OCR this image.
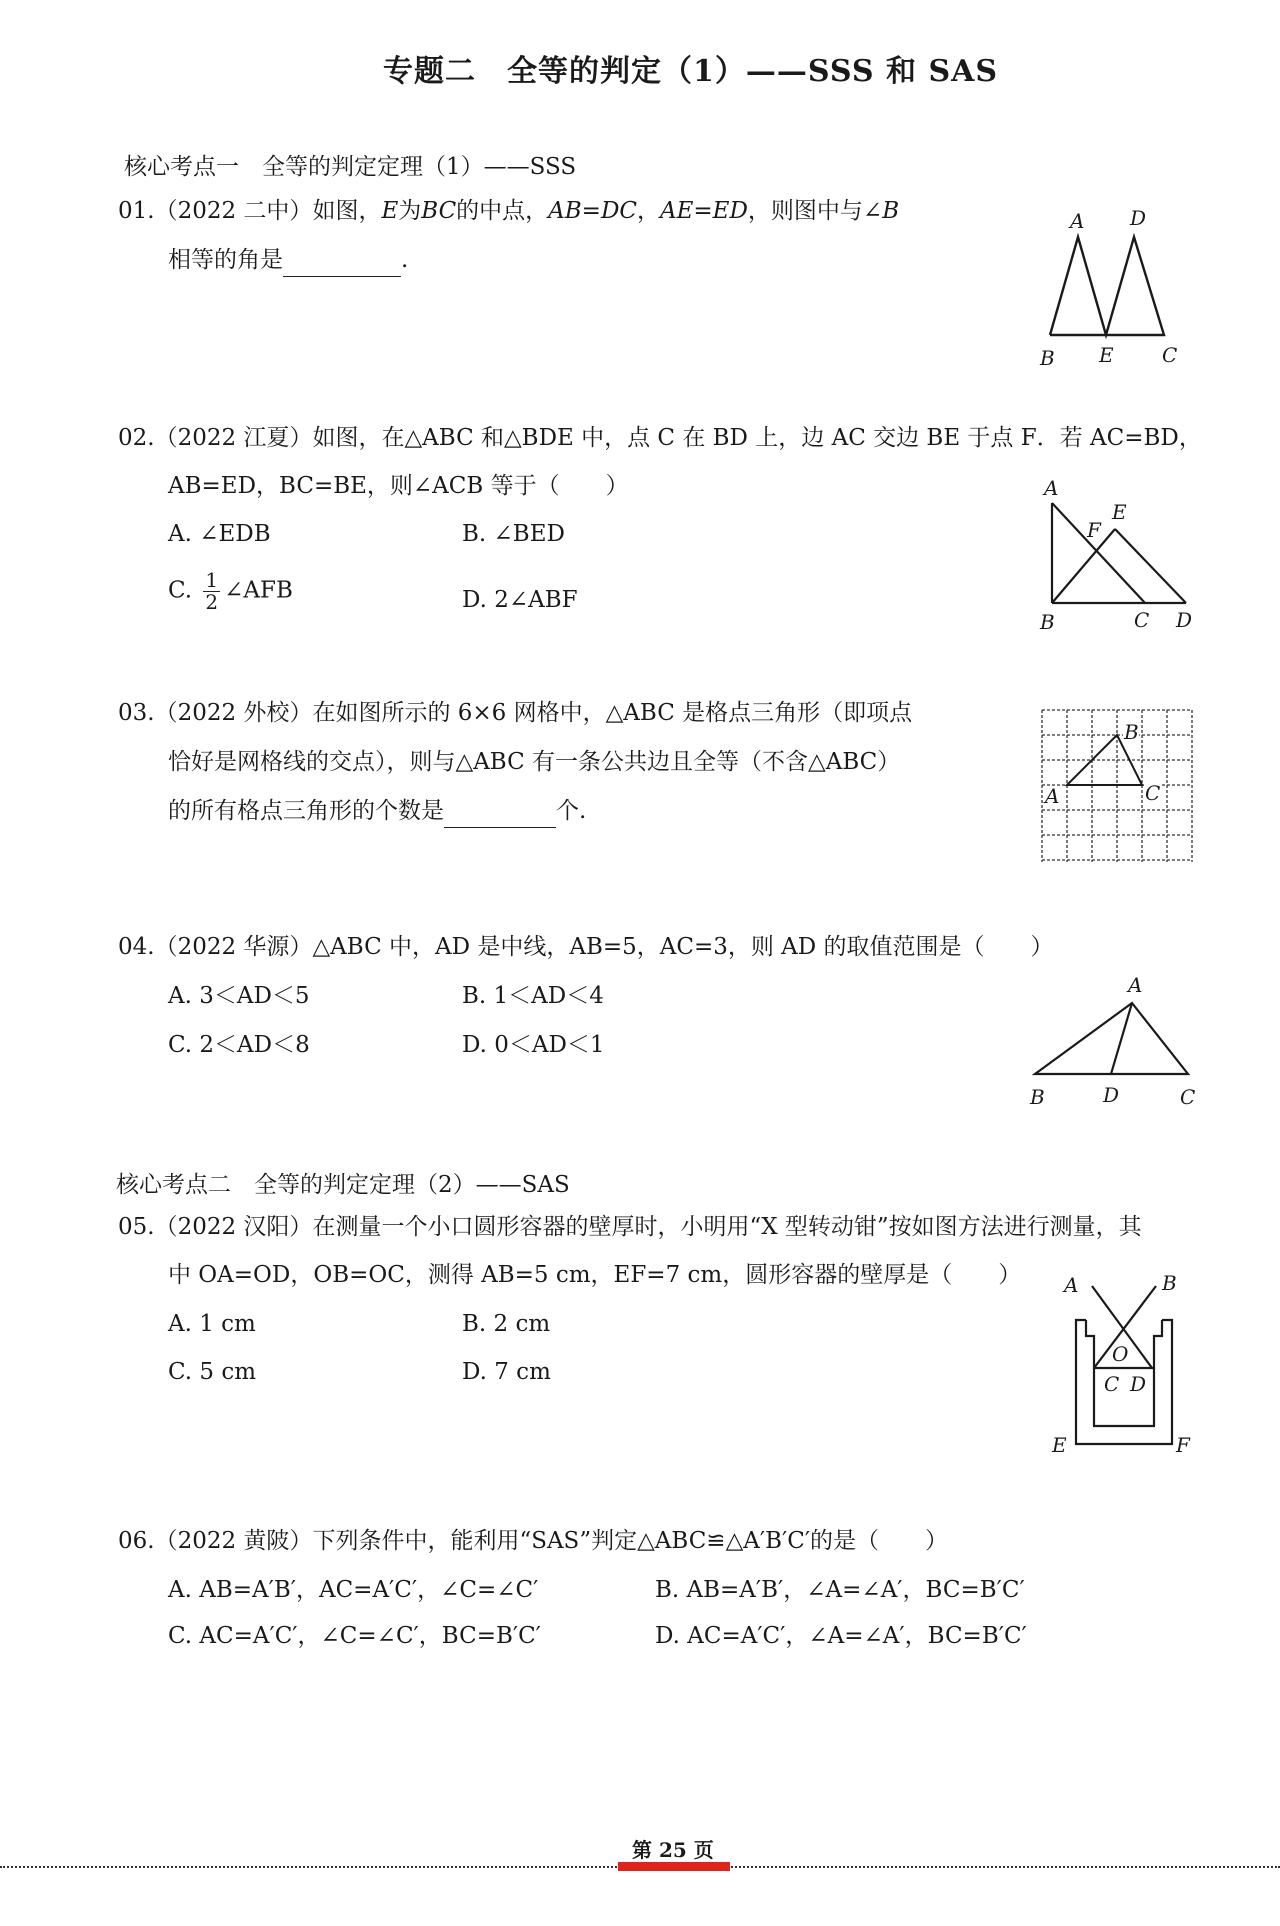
专题二　全等的判定（1）——SSS 和 SAS
核心考点一　全等的判定定理（1）——SSS
01.（2022 二中）如图，E为BC的中点，AB=DC，AE=ED，则图中与∠B
相等的角是	.
A D
B E C
02.（2022 江夏）如图，在△ABC 和△BDE 中，点 C 在 BD 上，边 AC 交边 BE 于点 F．若 AC=BD，
AB=ED，BC=BE，则∠ACB 等于（　　）
A. ∠EDB	B. ∠BED
C. $\frac{1}{2}$ ∠AFB	D. 2∠ABF
A
E
F
B	C D
03.（2022 外校）在如图所示的 6×6 网格中，△ABC 是格点三角形（即项点
恰好是网格线的交点），则与△ABC 有一条公共边且全等（不含△ABC）
的所有格点三角形的个数是	个.
B
A	C
04.（2022 华源）△ABC 中，AD 是中线，AB=5，AC=3，则 AD 的取值范围是（　　）
A. 3＜AD＜5	B. 1＜AD＜4
C. 2＜AD＜8	D. 0＜AD＜1
A
B	D	C
核心考点二　全等的判定定理（2）——SAS
05.（2022 汉阳）在测量一个小口圆形容器的壁厚时，小明用“X 型转动钳”按如图方法进行测量，其
中 OA=OD，OB=OC，测得 AB=5 cm，EF=7 cm，圆形容器的壁厚是（　　）
A. 1 cm	B. 2 cm
C. 5 cm	D. 7 cm
A	B
O
C D
E	F
06.（2022 黄陂）下列条件中，能利用“SAS”判定△ABC≌△A′B′C′的是（　　）
A. AB=A′B′，AC=A′C′，∠C=∠C′	B. AB=A′B′，∠A=∠A′，BC=B′C′
C. AC=A′C′，∠C=∠C′，BC=B′C′	D. AC=A′C′，∠A=∠A′，BC=B′C′
第 25 页
